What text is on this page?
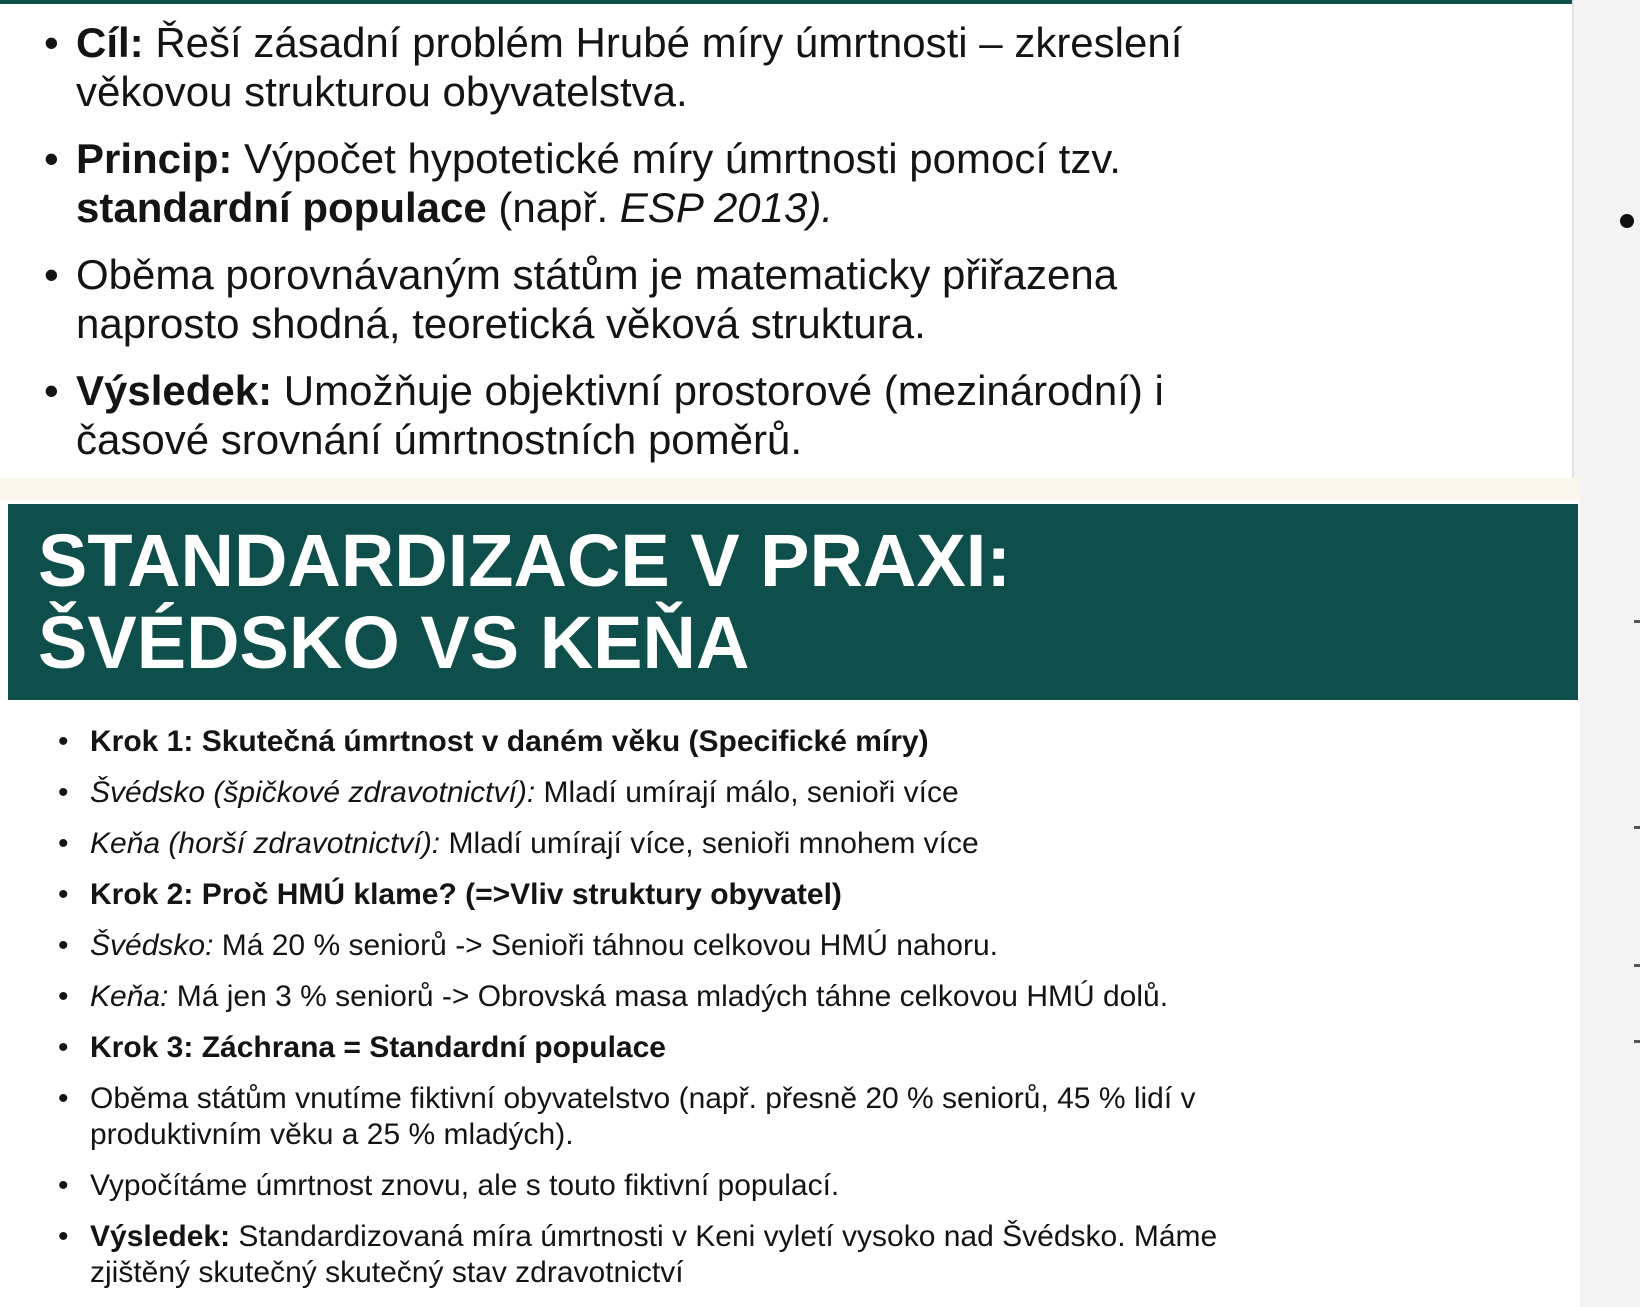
• Cíl: Řeší zásadní problém Hrubé míry úmrtnosti – zkreslení
věkovou strukturou obyvatelstva.
• Princip: Výpočet hypotetické míry úmrtnosti pomocí tzv.
standardní populace (např. ESP 2013).
• Oběma porovnávaným státům je matematicky přiřazena
naprosto shodná, teoretická věková struktura.
• Výsledek: Umožňuje objektivní prostorové (mezinárodní) i
časové srovnání úmrtnostních poměrů.
STANDARDIZACE V PRAXI:
ŠVÉDSKO VS KEŇA
• Krok 1: Skutečná úmrtnost v daném věku (Specifické míry)
• Švédsko (špičkové zdravotnictví): Mladí umírají málo, senioři více
• Keňa (horší zdravotnictví): Mladí umírají více, senioři mnohem více
• Krok 2: Proč HMÚ klame? (=>Vliv struktury obyvatel)
• Švédsko: Má 20 % seniorů -> Senioři táhnou celkovou HMÚ nahoru.
• Keňa: Má jen 3 % seniorů -> Obrovská masa mladých táhne celkovou HMÚ dolů.
• Krok 3: Záchrana = Standardní populace
• Oběma státům vnutíme fiktivní obyvatelstvo (např. přesně 20 % seniorů, 45 % lidí v
produktivním věku a 25 % mladých).
• Vypočítáme úmrtnost znovu, ale s touto fiktivní populací.
• Výsledek: Standardizovaná míra úmrtnosti v Keni vyletí vysoko nad Švédsko. Máme
zjištěný skutečný skutečný stav zdravotnictví
